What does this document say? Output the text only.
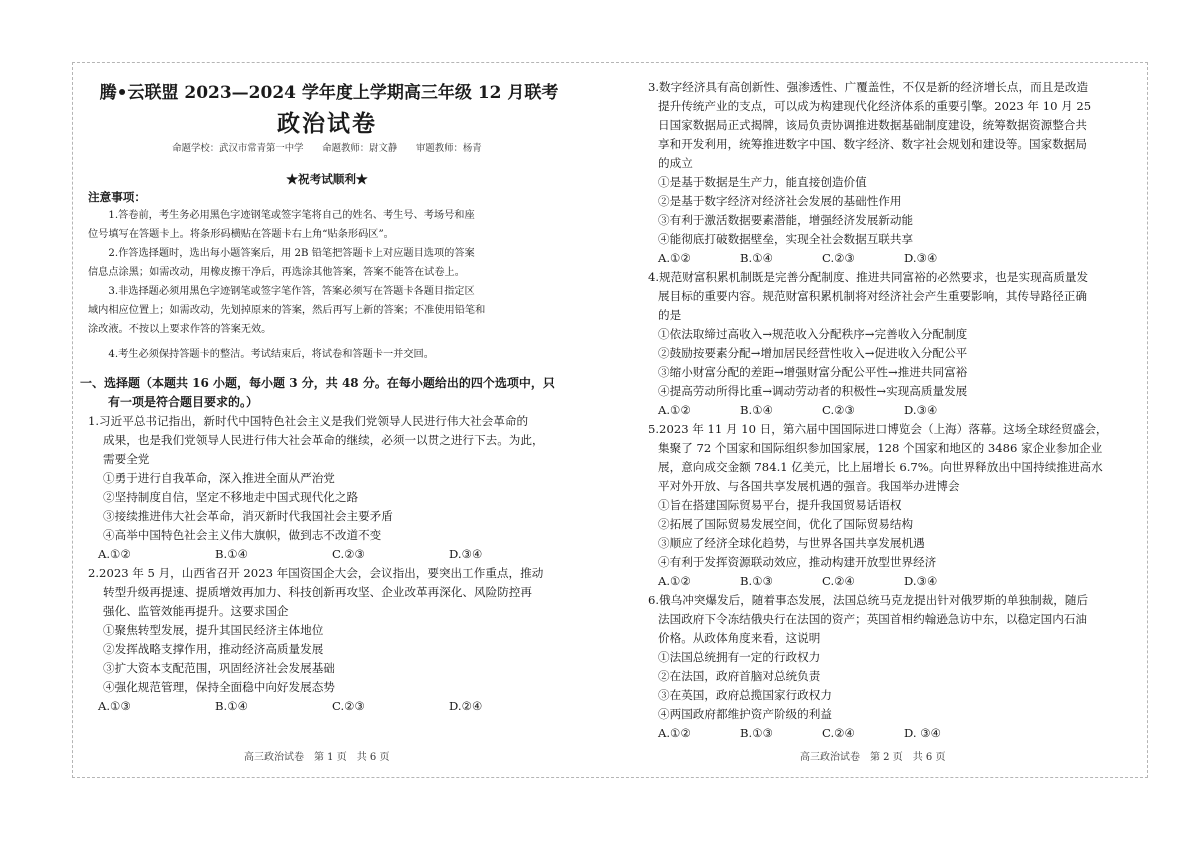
腾•云联盟 2023—2024 学年度上学期高三年级 12 月联考
政治试卷
命题学校：武汉市常青第一中学　　命题教师：尉文静　　审题教师：杨青
★祝考试顺利★
注意事项：
1.答卷前，考生务必用黑色字迹钢笔或签字笔将自己的姓名、考生号、考场号和座
位号填写在答题卡上。将条形码横贴在答题卡右上角“贴条形码区”。
2.作答选择题时，选出每小题答案后，用 2B 铅笔把答题卡上对应题目选项的答案
信息点涂黑；如需改动，用橡皮擦干净后，再选涂其他答案，答案不能答在试卷上。
3.非选择题必须用黑色字迹钢笔或签字笔作答，答案必须写在答题卡各题目指定区
域内相应位置上；如需改动，先划掉原来的答案，然后再写上新的答案；不准使用铅笔和
涂改液。不按以上要求作答的答案无效。
4.考生必须保持答题卡的整洁。考试结束后，将试卷和答题卡一并交回。
一、选择题（本题共 16 小题，每小题 3 分，共 48 分。在每小题给出的四个选项中，只
有一项是符合题目要求的。）
1.习近平总书记指出，新时代中国特色社会主义是我们党领导人民进行伟大社会革命的
成果，也是我们党领导人民进行伟大社会革命的继续，必须一以贯之进行下去。为此，
需要全党
①勇于进行自我革命，深入推进全面从严治党
②坚持制度自信，坚定不移地走中国式现代化之路
③接续推进伟大社会革命，消灭新时代我国社会主要矛盾
④高举中国特色社会主义伟大旗帜，做到志不改道不变
A.①②	B.①④	C.②③	D.③④
2.2023 年 5 月，山西省召开 2023 年国资国企大会，会议指出，要突出工作重点，推动
转型升级再提速、提质增效再加力、科技创新再攻坚、企业改革再深化、风险防控再
强化、监管效能再提升。这要求国企
①聚焦转型发展，提升其国民经济主体地位
②发挥战略支撑作用，推动经济高质量发展
③扩大资本支配范围，巩固经济社会发展基础
④强化规范管理，保持全面稳中向好发展态势
A.①③	B.①④	C.②③	D.②④
高三政治试卷　第 1 页　共 6 页
3.数字经济具有高创新性、强渗透性、广覆盖性，不仅是新的经济增长点，而且是改造
提升传统产业的支点，可以成为构建现代化经济体系的重要引擎。2023 年 10 月 25
日国家数据局正式揭牌，该局负责协调推进数据基础制度建设，统筹数据资源整合共
享和开发利用，统筹推进数字中国、数字经济、数字社会规划和建设等。国家数据局
的成立
①是基于数据是生产力，能直接创造价值
②是基于数字经济对经济社会发展的基础性作用
③有利于激活数据要素潜能，增强经济发展新动能
④能彻底打破数据壁垒，实现全社会数据互联共享
A.①②	B.①④	C.②③	D.③④
4.规范财富积累机制既是完善分配制度、推进共同富裕的必然要求，也是实现高质量发
展目标的重要内容。规范财富积累机制将对经济社会产生重要影响，其传导路径正确
的是
①依法取缔过高收入→规范收入分配秩序→完善收入分配制度
②鼓励按要素分配→增加居民经营性收入→促进收入分配公平
③缩小财富分配的差距→增强财富分配公平性→推进共同富裕
④提高劳动所得比重→调动劳动者的积极性→实现高质量发展
A.①②	B.①④	C.②③	D.③④
5.2023 年 11 月 10 日，第六届中国国际进口博览会（上海）落幕。这场全球经贸盛会，
集聚了 72 个国家和国际组织参加国家展，128 个国家和地区的 3486 家企业参加企业
展，意向成交金额 784.1 亿美元，比上届增长 6.7%。向世界释放出中国持续推进高水
平对外开放、与各国共享发展机遇的强音。我国举办进博会
①旨在搭建国际贸易平台，提升我国贸易话语权
②拓展了国际贸易发展空间，优化了国际贸易结构
③顺应了经济全球化趋势，与世界各国共享发展机遇
④有利于发挥资源联动效应，推动构建开放型世界经济
A.①②	B.①③	C.②④	D.③④
6.俄乌冲突爆发后，随着事态发展，法国总统马克龙提出针对俄罗斯的单独制裁，随后
法国政府下令冻结俄央行在法国的资产；英国首相约翰逊急访中东，以稳定国内石油
价格。从政体角度来看，这说明
①法国总统拥有一定的行政权力
②在法国，政府首脑对总统负责
③在英国，政府总揽国家行政权力
④两国政府都维护资产阶级的利益
A.①②	B.①③	C.②④	D. ③④
高三政治试卷　第 2 页　共 6 页
